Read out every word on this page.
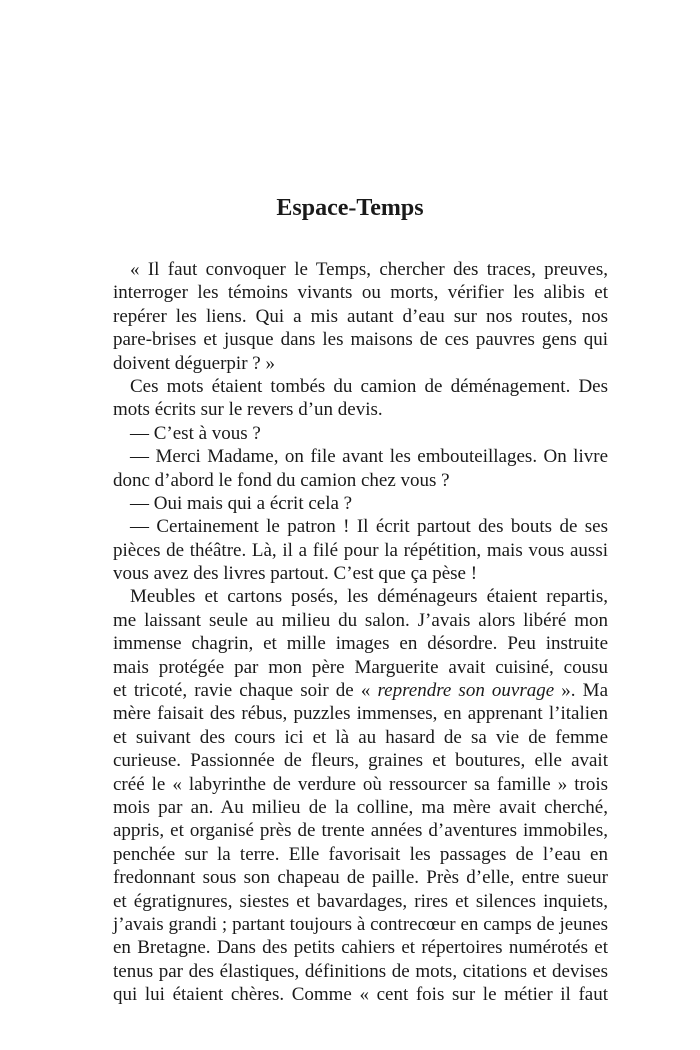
Espace-Temps
« Il faut convoquer le Temps, chercher des traces, preuves,
interroger les témoins vivants ou morts, vérifier les alibis et
repérer les liens. Qui a mis autant d’eau sur nos routes, nos
pare-brises et jusque dans les maisons de ces pauvres gens qui
doivent déguerpir ? »
Ces mots étaient tombés du camion de déménagement. Des
mots écrits sur le revers d’un devis.
— C’est à vous ?
— Merci Madame, on file avant les embouteillages. On livre
donc d’abord le fond du camion chez vous ?
— Oui mais qui a écrit cela ?
— Certainement le patron ! Il écrit partout des bouts de ses
pièces de théâtre. Là, il a filé pour la répétition, mais vous aussi
vous avez des livres partout. C’est que ça pèse !
Meubles et cartons posés, les déménageurs étaient repartis,
me laissant seule au milieu du salon. J’avais alors libéré mon
immense chagrin, et mille images en désordre. Peu instruite
mais protégée par mon père Marguerite avait cuisiné, cousu
et tricoté, ravie chaque soir de « reprendre son ouvrage ». Ma
mère faisait des rébus, puzzles immenses, en apprenant l’italien
et suivant des cours ici et là au hasard de sa vie de femme
curieuse. Passionnée de fleurs, graines et boutures, elle avait
créé le « labyrinthe de verdure où ressourcer sa famille » trois
mois par an. Au milieu de la colline, ma mère avait cherché,
appris, et organisé près de trente années d’aventures immobiles,
penchée sur la terre. Elle favorisait les passages de l’eau en
fredonnant sous son chapeau de paille. Près d’elle, entre sueur
et égratignures, siestes et bavardages, rires et silences inquiets,
j’avais grandi ; partant toujours à contrecœur en camps de jeunes
en Bretagne. Dans des petits cahiers et répertoires numérotés et
tenus par des élastiques, définitions de mots, citations et devises
qui lui étaient chères. Comme « cent fois sur le métier il faut
